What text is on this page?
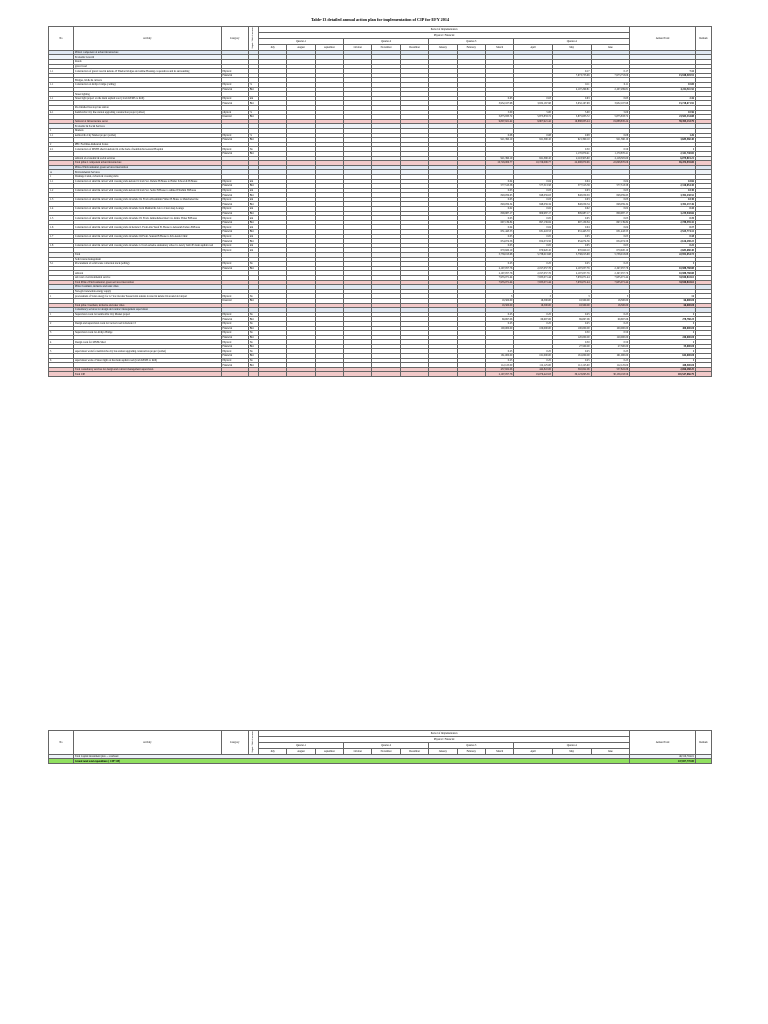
Table-13 detailed annual action plan for implementation of CIP for EFY 2014
No	Activity	Category	Output / Unit of measure	Period of Implementation												Annual Total	Remark
				Physical / Financial													
				Quarter-1			Quarter-2			Quarter-3			Quarter-4				
				July	August	september	October	November	December	January	February	March	April	May	June		
	Pillar-I component of urban infrastructure																
	Economic Growth																
	Roads																
	gravel road																
1.1	Construction of gravel road in kebele-13 Yikebet bridges and online Housing cooperatives and its surrounding	Physical												0.17	0.17	7.12	
		Financial												7,973,753.06	7,973,753.06	15,948,505.91	
	Bridges, bridle & culverts																
1.1	Construction of Abliyo bridge (ceiling)	Physical	%											0.11	0.11	10.00	
		Financial	Birr											2,107,299.81	2,107,299.81	4,214,511.52	
	Street lighting																
1.1	Street light project on the main asphalt road ( from KEMS to KOI)	Physical	km									0.63	0.63	0.63	0.63	2.16	
		Financial	Birr									3,932,167.98	3,932,167.98	3,932,167.98	3,932,167.98	15,728,671.92	
	Pre-finished bus stop bus station																
4.1	Kembolcha City line station upgrading construction project (offset)	physical	%									5.00	5.00	5.00	5.00	10.56	
		financial	Birr									5,875,833.72	5,875,833.72	5,875,833.72	5,875,833.72	23,503,334.88	
	Subtotal of Infrastructure sector											9,807,921.42	9,807,921.42	19,888,835.24	19,888,835.24	59,395,133.79	
	Economic & Social Services																
1	Markets																
1.1	kembolcha City Market project (solbet)	Physical	%									0.08	0.08	0.08	0.08	1.26	
		Financial	Birr									921,390.10	921,390.10	921,390.10	921,390.10	3,685,560.40	
2	PHC Facilities-Rehearsal Zones																
2.1	Construction of MNHS shed in kebele 04 at the back of kembolcha General Hospital	Physical	No											0.50	0.50	1	
		Financial	Birr											1,170,870.41	1,170,870.41	2,341,740.82	
	subtotal of economic & social services											921,390.10	921,390.10	2,118,505.60	2,118,505.60	6,079,801.21	
	Total pillar-I component urban infrastructure											10,729,006.77	10,729,006.77	22,098,870.06	22,098,870.06	65,474,935.00	
	Pillar-2 Environmental, green services intervention																
A	Environmental Services																
1	Drainage Canal, culverts & crossing slabs																
1.1	Construction of small & culvert with crossing slabs kebele 01 from Sot. Debele H.House to Hailer School & B.House	Physical	km									0.04	0.04	0.04	0.04	0.166	
		Financial	Birr									577,513.58	577,513.58	577,513.58	577,513.58	2,310,054.30	
1.2	Construction of small & culvert with crossing slabs kebele 04 from Sot. Sedio H.House to Ahmed Ebrahim H.House	Physical	km									0.03	0.03	0.03	0.03	0.130	
		Financial	Birr									848,059.63	848,059.63	848,059.63	848,059.63	3,392,238.52	
1.3	Construction of small & culvert with crossing slabs in kebele 04. From Abbaaminnit Yimer B.House to Mekchelsa line	Physical	km									0.03	0.03	0.03	0.03	0.130	
		Financial	Birr									848,059.34	848,059.34	848,059.34	848,059.34	3,392,237.36	
1.4	Construction of small & culvert with crossing slabs in kebele from Mekhelcha Glo to Clear deep Lounge	Physical	km									0.02	0.02	0.02	0.02	0.10	
		Financial	Birr									809,987.17	809,987.17	809,987.17	809,987.17	3,239,948.66	
1.5	Construction of small & culvert with crossing slabs in kebele 03. From. Ahmedtehaa Intervi to Alimo Yimer B.House	Physical	km									0.05	0.05	0.05	0.05	0.19	
		Financial	Birr									697,139.84	697,139.84	697,139.84	697,139.84	2,788,559.32	
1.6	Construction of small & culvert with crossing slabs in Kebele 0. From Abu Yesuf B. House to Ameeruh Tadeso B.House	Physical	km									0.04	0.04	0.04	0.04	0.17	
		Financial	Birr									631,443.53	631,443.53	631,443.53	631,443.53	2,525,774.12	
1.7	Construction of small & culvert with crossing slabs in kebele 04 From. Seuzun H.House to Kiv Aerek Clinic	Physical	km									0.05	0.05	0.05	0.05	0.18	
		Financial	Birr									654,074.56	654,074.56	654,074.56	654,074.56	2,616,298.23	
1.8	Construction of small & culvert with crossing slabs in kebele 12 from sebsebe elementary school to newly built JE main asphalt road	Physical	km									0.05	0.05	0.05	0.05	0.22	
		Physical	km									670,920.10	670,920.10	670,920.10	670,920.10	2,683,680.40	
	Total											5,738,013.68	5,738,013.68	5,738,013.68	5,738,013.68	22,952,054.73	
	Solid waste management																
3.1	Procurement of solid waste collection truck (selling)	Physical	No									0.25	0.25	0.25	0.25	1	
		Financial	Birr									2,197,057.76	2,197,057.76	2,197,057.76	2,197,057.76	10,988,788.88	
	subtotal											2,197,057.76	2,197,057.76	2,197,057.76	2,197,057.76	10,988,788.88	
	sub total of environmental service											7,935,071.44	7,935,071.44	7,935,071.44	7,935,071.44	33,940,843.61	
	Total Pillar-2 Environmental, green services intervention											7,935,071.44	7,935,071.44	7,935,071.44	7,935,071.44	33,940,843.61	
	Pillar-3 resilient, inclusive and safer cities																
	Non-grid renewable energy supply																
1	procurement of Solar energy for 12 'low income' house holds tenants located in kebele 04 around old airport	Physical	No									3	3	3	3	12	
		financial	Birr									16,500.00	16,500.00	16,500.00	16,500.00	66,000.00	
	Total pillar-3 resilient, inclusive and safer cities											16,500.00	16,500.00	16,500.00	16,500.00	66,000.00	
	Consultancy services for design and contract management supervision																
1	Supervision work for kembolcha City Market project	Physical	No									0.25	0.25	0.25	0.25	1	
		Financial	Birr									69,697.06	69,697.06	69,697.06	69,697.06	278,788.25	
2	Design and supervision work for Gravel road in Kebele 13	Physical	No									0.25	0.25	0.25	0.25	1	
		Financial	Birr									100,000.00	100,000.00	100,000.00	100,000.00	400,000.00	
3	Supervision work for Abliyo Bridge	Physical	No											0.50	0.50	1	
		Financial	Birr											120,000.00	120,000.00	240,000.00	
4	Design work for MNHs Shed	Physical	No											0.50	0.50	1	
		Financial	Birr											27,500.00	27,500.00	55,000.00	
5	supervision work for kembolcha city bus station upgrading construction project (solbet)	Physical	No									0.25	0.25	0.25	0.25	1	
		Financial	Birr									161,000.00	161,000.00	161,000.00	161,000.00	644,000.00	
6	supervision work of Street light on the main asphalt road (from KEMS to KOI)	Physical	No									0.25	0.25	0.25	0.25	1	
		Financial	Birr									112,125.00	112,125.00	112,125.00	112,125.00	448,500.00	
	Total consultancy services for design and contract management supervision											437,822.06	442,822.06	592,822.06	557,822.06	2,066,288.25	
	Total CIP											2,197,057.76	19,079,422.63	30,123,093.56	30,159,193.56	101,547,066.79	
No	Activity	Category	Output / Unit of measure	Period of Implementation												Annual Total	Remark
				Physical / Financial													
				Quarter-1			Quarter-2			Quarter-3			Quarter-4				
				July	August	september	October	November	December	January	February	March	April	May	June		
	Total Capital investment plan ... overhead															46,310,704.01	
	Grand total total expenditure ( CIP+OP)															147,857,770.80	
